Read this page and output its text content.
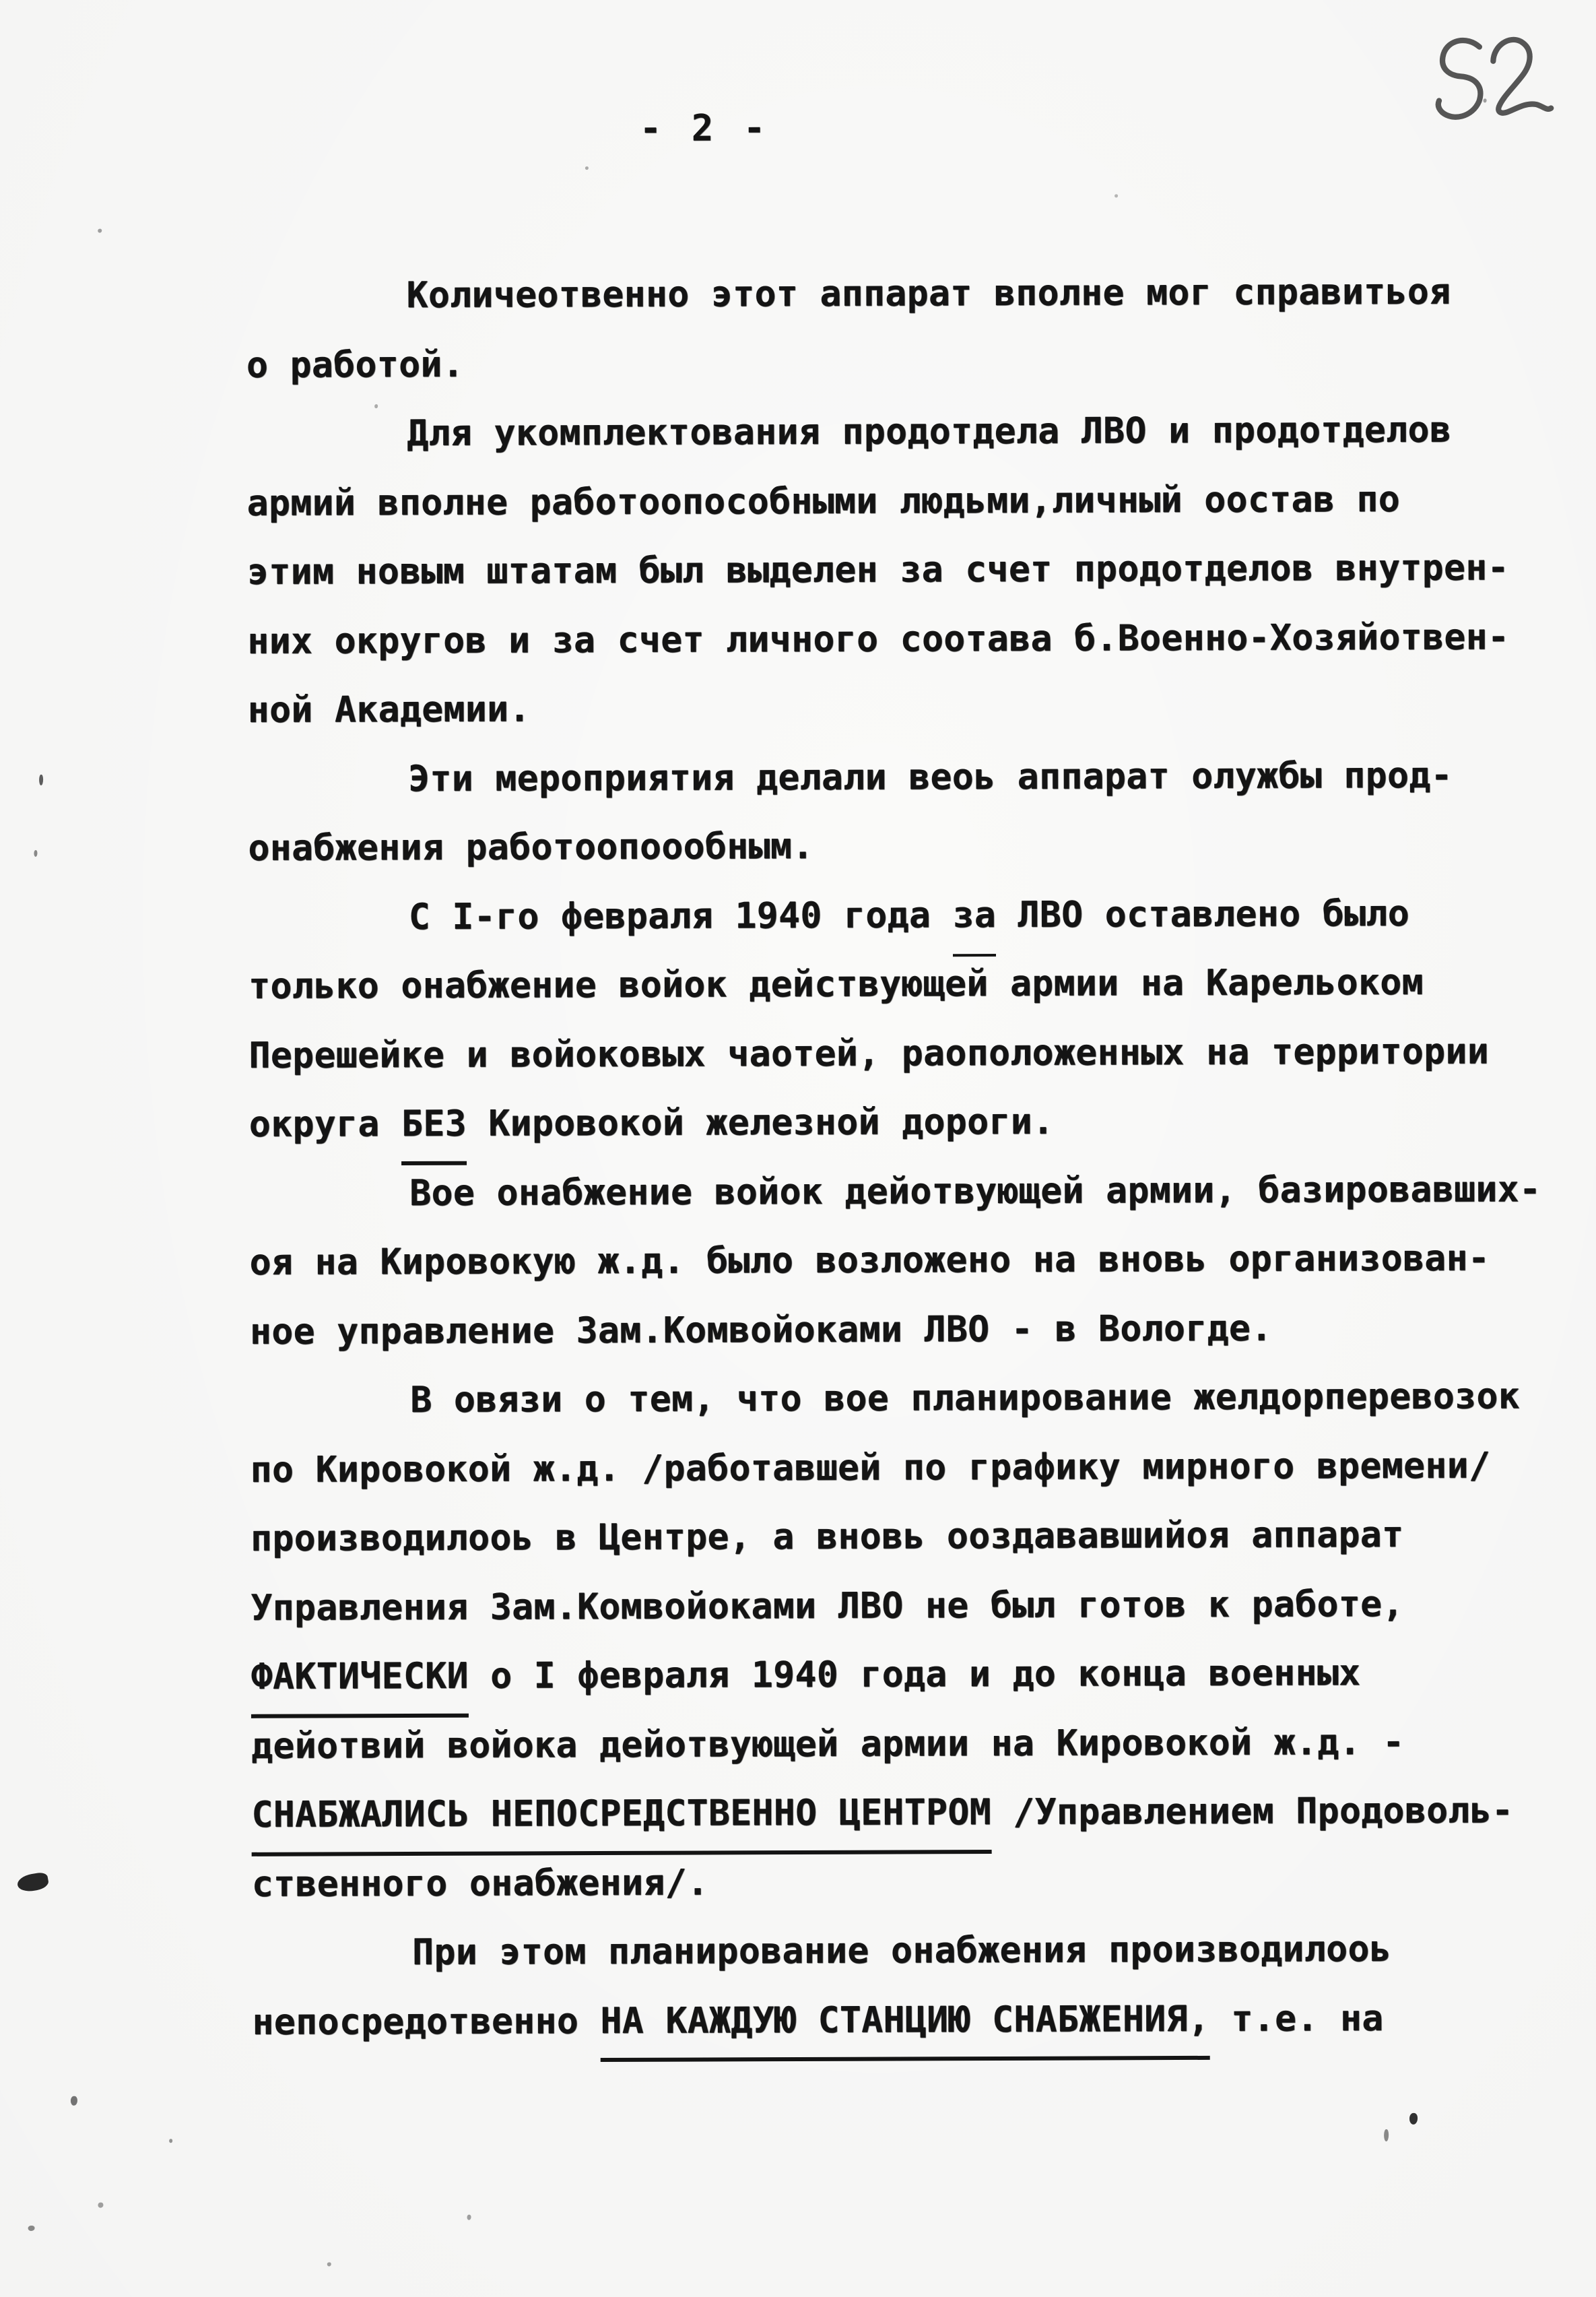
- 2 -
Количеотвенно этот аппарат вполне мог справитьоя
о работой.
Для укомплектования продотдела ЛВО и продотделов
армий вполне работоопособными людьми,личный оостав по
этим новым штатам был выделен за счет продотделов внутрен-
них округов и за счет личного соотава б.Военно-Хозяйотвен-
ной Академии.
Эти мероприятия делали веоь аппарат олужбы прод-
онабжения работоопоообным.
С I-го февраля 1940 года за ЛВО оставлено было
только онабжение войок действующей армии на Карельоком
Перешейке и войоковых чаотей, раоположенных на территории
округа БЕЗ Кировокой железной дороги.
Вое онабжение войок дейотвующей армии, базировавших-
оя на Кировокую ж.д. было возложено на вновь организован-
ное управление Зам.Комвойоками ЛВО - в Вологде.
В овязи о тем, что вое планирование желдорперевозок
по Кировокой ж.д. /работавшей по графику мирного времени/
производилооь в Центре, а вновь ооздававшийоя аппарат
Управления Зам.Комвойоками ЛВО не был готов к работе,
ФАКТИЧЕСКИ о I февраля 1940 года и до конца военных
дейотвий войока дейотвующей армии на Кировокой ж.д. -
СНАБЖАЛИСЬ НЕПОСРЕДСТВЕННО ЦЕНТРОМ /Управлением Продоволь-
ственного онабжения/.
При этом планирование онабжения производилооь
непосредотвенно НА КАЖДУЮ СТАНЦИЮ СНАБЖЕНИЯ, т.е. на
